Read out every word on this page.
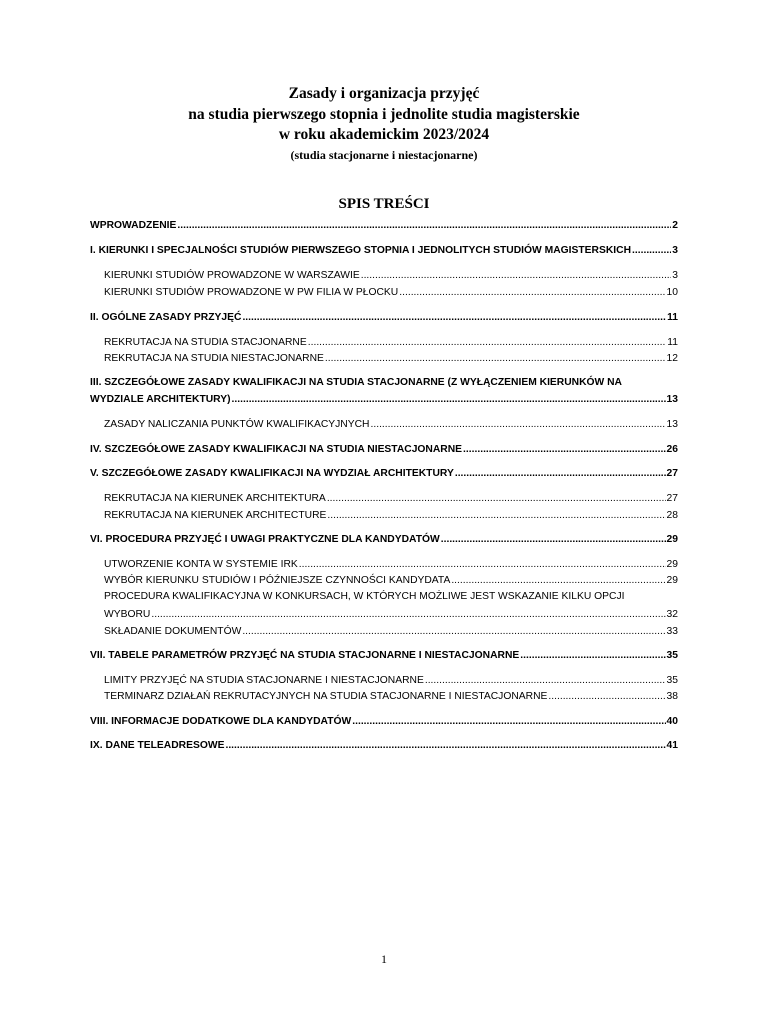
Zasady i organizacja przyjęć
na studia pierwszego stopnia i jednolite studia magisterskie
w roku akademickim 2023/2024
(studia stacjonarne i niestacjonarne)
SPIS TREŚCI
WPROWADZENIE .....	2
I. KIERUNKI I SPECJALNOŚCI STUDIÓW PIERWSZEGO STOPNIA I JEDNOLITYCH STUDIÓW MAGISTERSKICH .....	3
KIERUNKI STUDIÓW PROWADZONE W WARSZAWIE .....	3
KIERUNKI STUDIÓW PROWADZONE W PW FILIA W PŁOCKU .....	10
II. OGÓLNE ZASADY PRZYJĘĆ .....	11
REKRUTACJA NA STUDIA STACJONARNE .....	11
REKRUTACJA NA STUDIA NIESTACJONARNE .....	12
III. SZCZEGÓŁOWE ZASADY KWALIFIKACJI NA STUDIA STACJONARNE (Z WYŁĄCZENIEM KIERUNKÓW NA
WYDZIALE ARCHITEKTURY) .....	13
ZASADY NALICZANIA PUNKTÓW KWALIFIKACYJNYCH .....	13
IV. SZCZEGÓŁOWE ZASADY KWALIFIKACJI NA STUDIA NIESTACJONARNE .....	26
V. SZCZEGÓŁOWE ZASADY KWALIFIKACJI NA WYDZIAŁ ARCHITEKTURY .....	27
REKRUTACJA NA KIERUNEK ARCHITEKTURA .....	27
REKRUTACJA NA KIERUNEK ARCHITECTURE .....	28
VI. PROCEDURA PRZYJĘĆ I UWAGI PRAKTYCZNE DLA KANDYDATÓW .....	29
UTWORZENIE KONTA W SYSTEMIE IRK .....	29
WYBÓR KIERUNKU STUDIÓW I PÓŹNIEJSZE CZYNNOŚCI KANDYDATA .....	29
PROCEDURA KWALIFIKACYJNA W KONKURSACH, W KTÓRYCH MOŻLIWE JEST WSKAZANIE KILKU OPCJI
WYBORU .....	32
SKŁADANIE DOKUMENTÓW .....	33
VII. TABELE PARAMETRÓW PRZYJĘĆ NA STUDIA STACJONARNE I NIESTACJONARNE .....	35
LIMITY PRZYJĘĆ NA STUDIA STACJONARNE I NIESTACJONARNE .....	35
TERMINARZ DZIAŁAŃ REKRUTACYJNYCH NA STUDIA STACJONARNE I NIESTACJONARNE .....	38
VIII. INFORMACJE DODATKOWE DLA KANDYDATÓW .....	40
IX. DANE TELEADRESOWE .....	41
1
